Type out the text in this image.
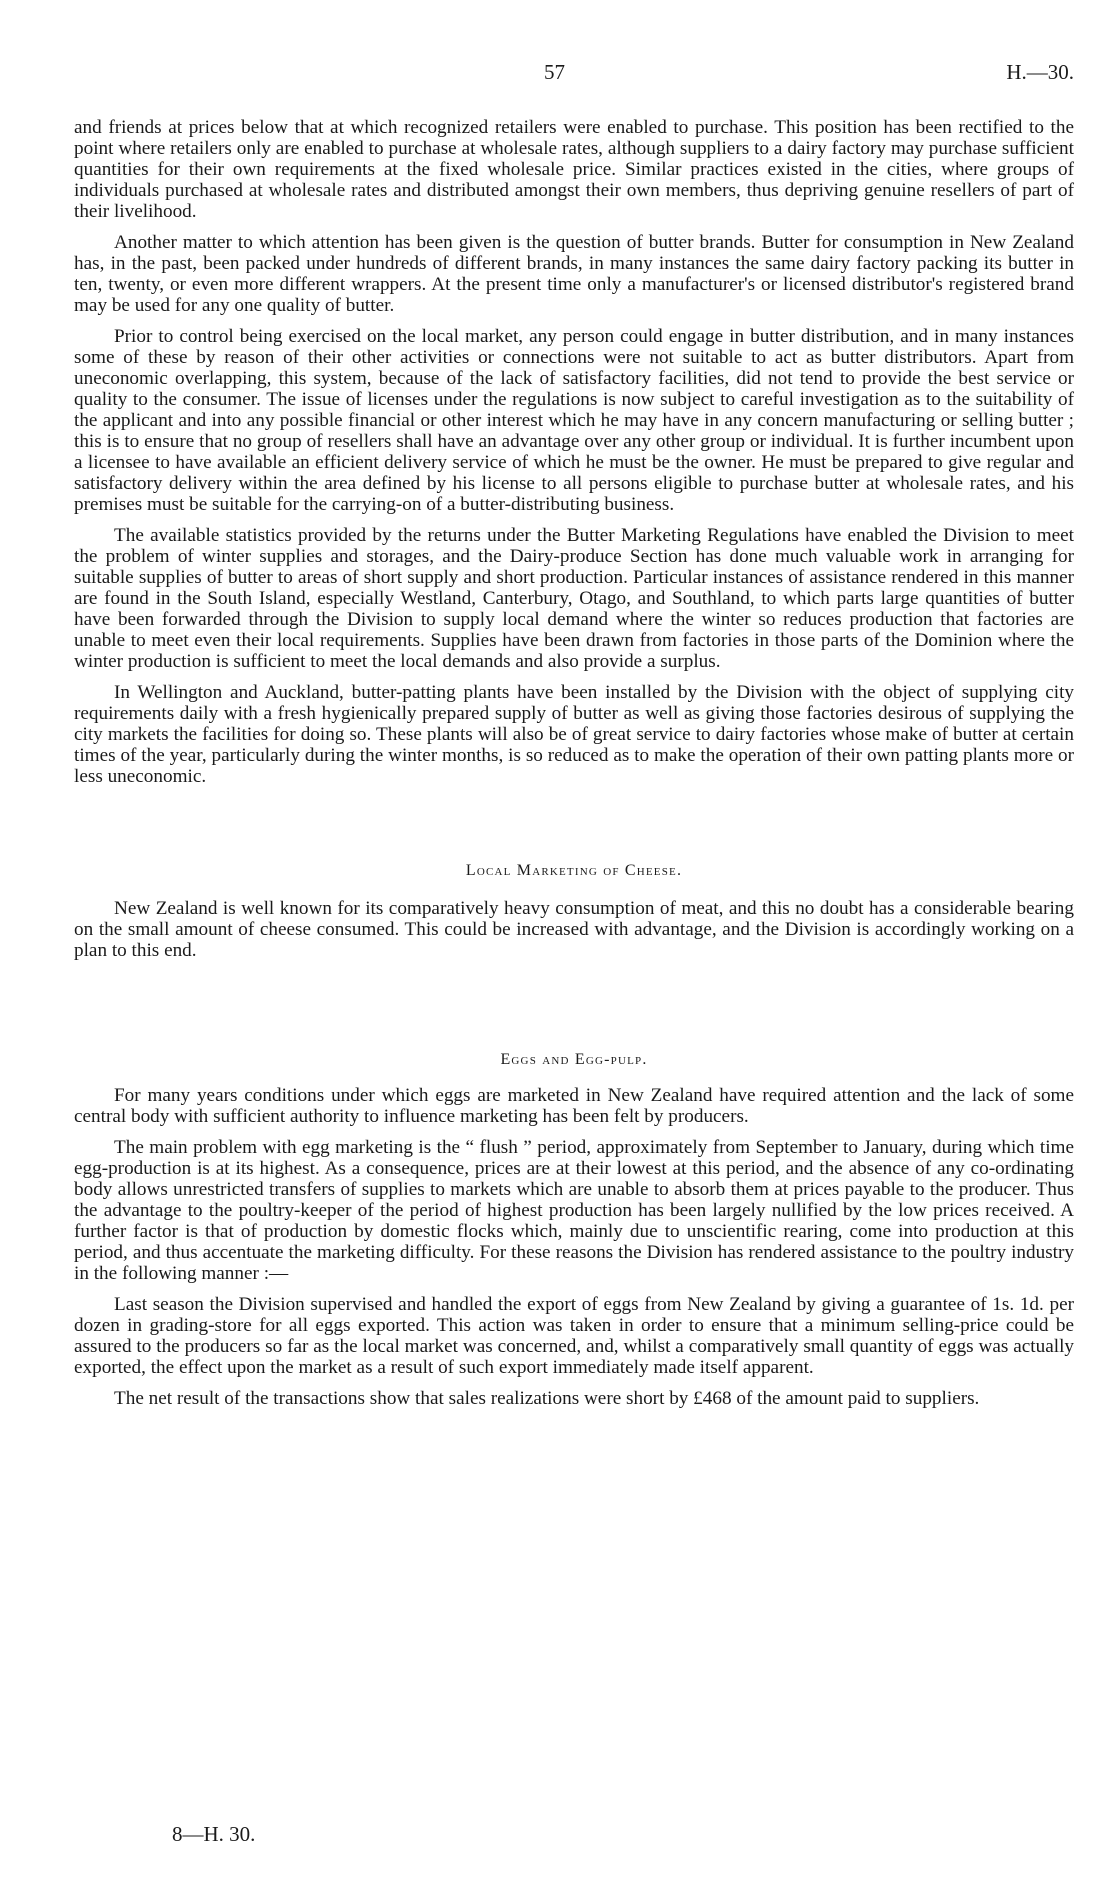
57	H.—30.

and friends at prices below that at which recognized retailers were enabled to purchase. This position has been rectified to the point where retailers only are enabled to purchase at wholesale rates, although suppliers to a dairy factory may purchase sufficient quantities for their own requirements at the fixed wholesale price. Similar practices existed in the cities, where groups of individuals purchased at wholesale rates and distributed amongst their own members, thus depriving genuine resellers of part of their livelihood.

Another matter to which attention has been given is the question of butter brands. Butter for consumption in New Zealand has, in the past, been packed under hundreds of different brands, in many instances the same dairy factory packing its butter in ten, twenty, or even more different wrappers. At the present time only a manufacturer's or licensed distributor's registered brand may be used for any one quality of butter.

Prior to control being exercised on the local market, any person could engage in butter distribution, and in many instances some of these by reason of their other activities or connections were not suitable to act as butter distributors. Apart from uneconomic overlapping, this system, because of the lack of satisfactory facilities, did not tend to provide the best service or quality to the consumer. The issue of licenses under the regulations is now subject to careful investigation as to the suitability of the applicant and into any possible financial or other interest which he may have in any concern manufacturing or selling butter ; this is to ensure that no group of resellers shall have an advantage over any other group or individual. It is further incumbent upon a licensee to have available an efficient delivery service of which he must be the owner. He must be prepared to give regular and satisfactory delivery within the area defined by his license to all persons eligible to purchase butter at wholesale rates, and his premises must be suitable for the carrying-on of a butter-distributing business.

The available statistics provided by the returns under the Butter Marketing Regulations have enabled the Division to meet the problem of winter supplies and storages, and the Dairy-produce Section has done much valuable work in arranging for suitable supplies of butter to areas of short supply and short production. Particular instances of assistance rendered in this manner are found in the South Island, especially Westland, Canterbury, Otago, and Southland, to which parts large quantities of butter have been forwarded through the Division to supply local demand where the winter so reduces production that factories are unable to meet even their local requirements. Supplies have been drawn from factories in those parts of the Dominion where the winter production is sufficient to meet the local demands and also provide a surplus.

In Wellington and Auckland, butter-patting plants have been installed by the Division with the object of supplying city requirements daily with a fresh hygienically prepared supply of butter as well as giving those factories desirous of supplying the city markets the facilities for doing so. These plants will also be of great service to dairy factories whose make of butter at certain times of the year, particularly during the winter months, is so reduced as to make the operation of their own patting plants more or less uneconomic.

Local Marketing of Cheese.

New Zealand is well known for its comparatively heavy consumption of meat, and this no doubt has a considerable bearing on the small amount of cheese consumed. This could be increased with advantage, and the Division is accordingly working on a plan to this end.

Eggs and Egg-pulp.

For many years conditions under which eggs are marketed in New Zealand have required attention and the lack of some central body with sufficient authority to influence marketing has been felt by producers.

The main problem with egg marketing is the “ flush ” period, approximately from September to January, during which time egg-production is at its highest. As a consequence, prices are at their lowest at this period, and the absence of any co-ordinating body allows unrestricted transfers of supplies to markets which are unable to absorb them at prices payable to the producer. Thus the advantage to the poultry-keeper of the period of highest production has been largely nullified by the low prices received. A further factor is that of production by domestic flocks which, mainly due to unscientific rearing, come into production at this period, and thus accentuate the marketing difficulty. For these reasons the Division has rendered assistance to the poultry industry in the following manner :—

Last season the Division supervised and handled the export of eggs from New Zealand by giving a guarantee of 1s. 1d. per dozen in grading-store for all eggs exported. This action was taken in order to ensure that a minimum selling-price could be assured to the producers so far as the local market was concerned, and, whilst a comparatively small quantity of eggs was actually exported, the effect upon the market as a result of such export immediately made itself apparent.

The net result of the transactions show that sales realizations were short by £468 of the amount paid to suppliers.

8—H. 30.
